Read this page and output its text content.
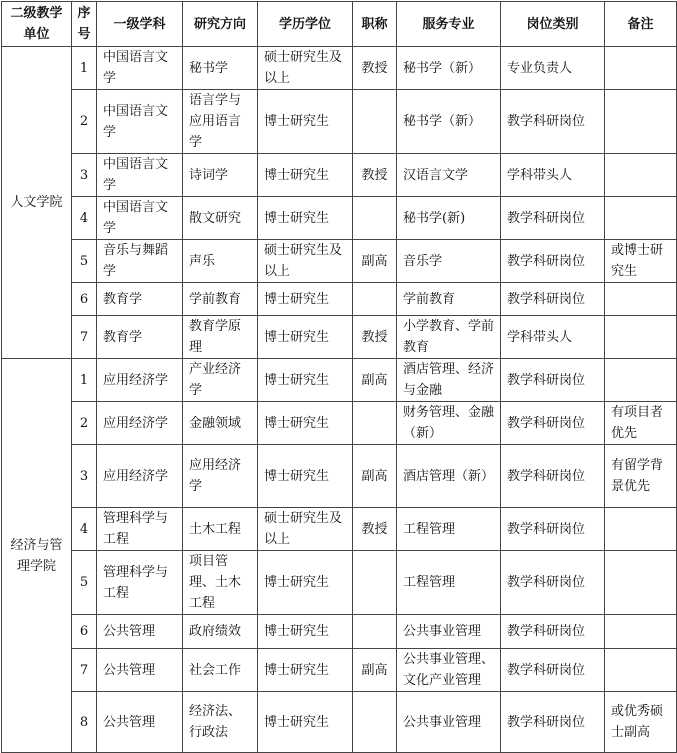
二级教学单位	序号	一级学科	研究方向	学历学位	职称	服务专业	岗位类别	备注
人文学院	1	中国语言文学	秘书学	硕士研究生及以上	教授	秘书学（新）	专业负责人	
	2	中国语言文学	语言学与应用语言学	博士研究生		秘书学（新）	教学科研岗位	
	3	中国语言文学	诗词学	博士研究生	教授	汉语言文学	学科带头人	
	4	中国语言文学	散文研究	博士研究生		秘书学(新)	教学科研岗位	
	5	音乐与舞蹈学	声乐	硕士研究生及以上	副高	音乐学	教学科研岗位	或博士研究生
	6	教育学	学前教育	博士研究生		学前教育	教学科研岗位	
	7	教育学	教育学原理	博士研究生	教授	小学教育、学前教育	学科带头人	
经济与管理学院	1	应用经济学	产业经济学	博士研究生	副高	酒店管理、经济与金融	教学科研岗位	
	2	应用经济学	金融领域	博士研究生		财务管理、金融（新）	教学科研岗位	有项目者优先
	3	应用经济学	应用经济学	博士研究生	副高	酒店管理（新）	教学科研岗位	有留学背景优先
	4	管理科学与工程	土木工程	硕士研究生及以上	教授	工程管理	教学科研岗位	
	5	管理科学与工程	项目管理、土木工程	博士研究生		工程管理	教学科研岗位	
	6	公共管理	政府绩效	博士研究生		公共事业管理	教学科研岗位	
	7	公共管理	社会工作	博士研究生	副高	公共事业管理、文化产业管理	教学科研岗位	
	8	公共管理	经济法、行政法	博士研究生		公共事业管理	教学科研岗位	或优秀硕士副高
